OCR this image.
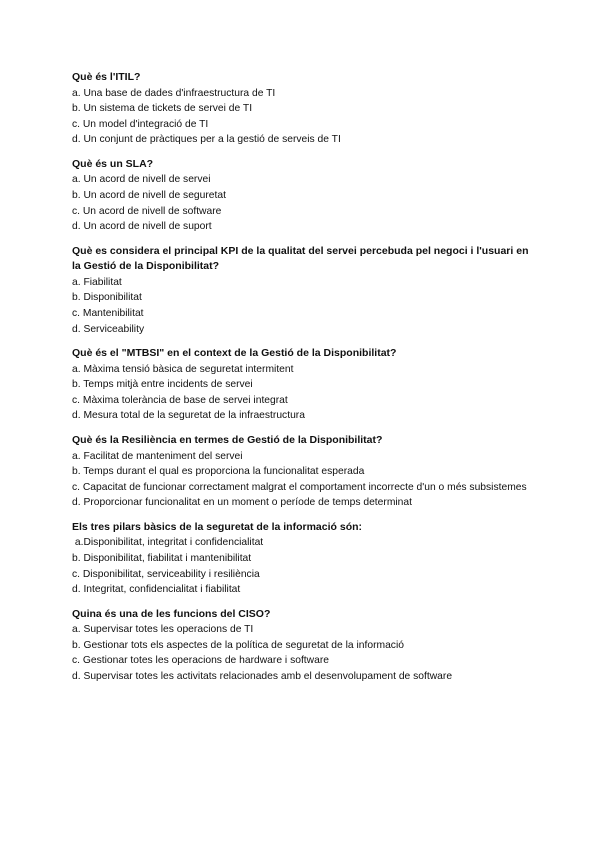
Què és l'ITIL?

a. Una base de dades d'infraestructura de TI
b. Un sistema de tickets de servei de TI
c. Un model d'integració de TI
d. Un conjunt de pràctiques per a la gestió de serveis de TI

Què és un SLA?

a. Un acord de nivell de servei
b. Un acord de nivell de seguretat
c. Un acord de nivell de software
d. Un acord de nivell de suport

Què es considera el principal KPI de la qualitat del servei percebuda pel negoci i l'usuari en la Gestió de la Disponibilitat?

a. Fiabilitat
b. Disponibilitat
c. Mantenibilitat
d. Serviceability

Què és el "MTBSI" en el context de la Gestió de la Disponibilitat?

a. Màxima tensió bàsica de seguretat intermitent
b. Temps mitjà entre incidents de servei
c. Màxima tolerància de base de servei integrat
d. Mesura total de la seguretat de la infraestructura

Què és la Resiliència en termes de Gestió de la Disponibilitat?

a. Facilitat de manteniment del servei
b. Temps durant el qual es proporciona la funcionalitat esperada
c. Capacitat de funcionar correctament malgrat el comportament incorrecte d'un o més subsistemes
d. Proporcionar funcionalitat en un moment o període de temps determinat

Els tres pilars bàsics de la seguretat de la informació són:

a.Disponibilitat, integritat i confidencialitat
b. Disponibilitat, fiabilitat i mantenibilitat
c. Disponibilitat, serviceability i resiliència
d. Integritat, confidencialitat i fiabilitat

Quina és una de les funcions del CISO?

a. Supervisar totes les operacions de TI
b. Gestionar tots els aspectes de la política de seguretat de la informació
c. Gestionar totes les operacions de hardware i software
d. Supervisar totes les activitats relacionades amb el desenvolupament de software
